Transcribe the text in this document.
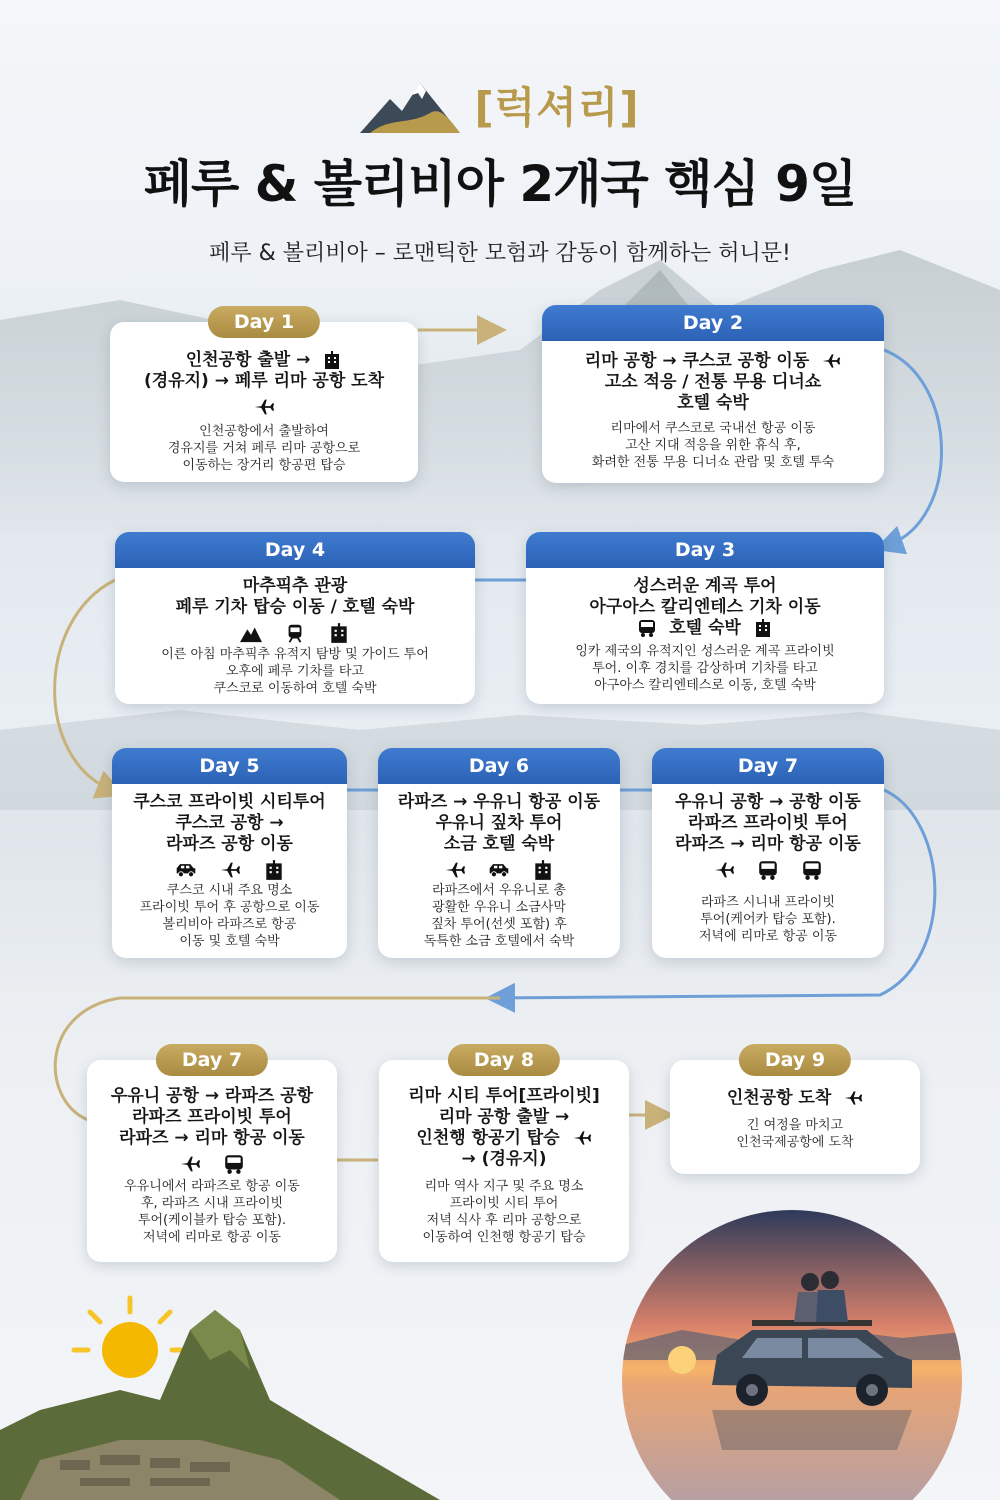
[럭셔리]
페루 & 볼리비아 2개국 핵심 9일
페루 & 볼리비아 – 로맨틱한 모험과 감동이 함께하는 허니문!
Day 1
인천공항 출발 →
(경유지) → 페루 리마 공항 도착
인천공항에서 출발하여
경유지를 거쳐 페루 리마 공항으로
이동하는 장거리 항공편 탑승
Day 2
리마 공항 → 쿠스코 공항 이동
고소 적응 / 전통 무용 디너쇼
호텔 숙박
리마에서 쿠스코로 국내선 항공 이동
고산 지대 적응을 위한 휴식 후,
화려한 전통 무용 디너쇼 관람 및 호텔 투숙
Day 4
마추픽추 관광
페루 기차 탑승 이동 / 호텔 숙박
이른 아침 마추픽추 유적지 탐방 및 가이드 투어
오후에 페루 기차를 타고
쿠스코로 이동하여 호텔 숙박
Day 3
성스러운 계곡 투어
아구아스 칼리엔테스 기차 이동
호텔 숙박
잉카 제국의 유적지인 성스러운 계곡 프라이빗
투어. 이후 경치를 감상하며 기차를 타고
아구아스 칼리엔테스로 이동, 호텔 숙박
Day 5
쿠스코 프라이빗 시티투어
쿠스코 공항 →
라파즈 공항 이동
쿠스코 시내 주요 명소
프라이빗 투어 후 공항으로 이동
볼리비아 라파즈로 항공
이동 및 호텔 숙박
Day 6
라파즈 → 우유니 항공 이동
우유니 짚차 투어
소금 호텔 숙박
라파즈에서 우유니로 총
광활한 우유니 소금사막
짚차 투어(선셋 포함) 후
독특한 소금 호텔에서 숙박
Day 7
우유니 공항 → 공항 이동
라파즈 프라이빗 투어
라파즈 → 리마 항공 이동
라파즈 시니내 프라이빗
투어(케어카 탑승 포함).
저녁에 리마로 항공 이동
Day 7
우유니 공항 → 라파즈 공항
라파즈 프라이빗 투어
라파즈 → 리마 항공 이동
우유니에서 라파즈로 항공 이동
후, 라파즈 시내 프라이빗
투어(케이블카 탑승 포함).
저녁에 리마로 항공 이동
Day 8
리마 시티 투어[프라이빗]
리마 공항 출발 →
인천행 항공기 탑승
→ (경유지)
리마 역사 지구 및 주요 명소
프라이빗 시티 투어
저녁 식사 후 리마 공항으로
이동하여 인천행 항공기 탑승
Day 9
인천공항 도착
긴 여정을 마치고
인천국제공항에 도착
